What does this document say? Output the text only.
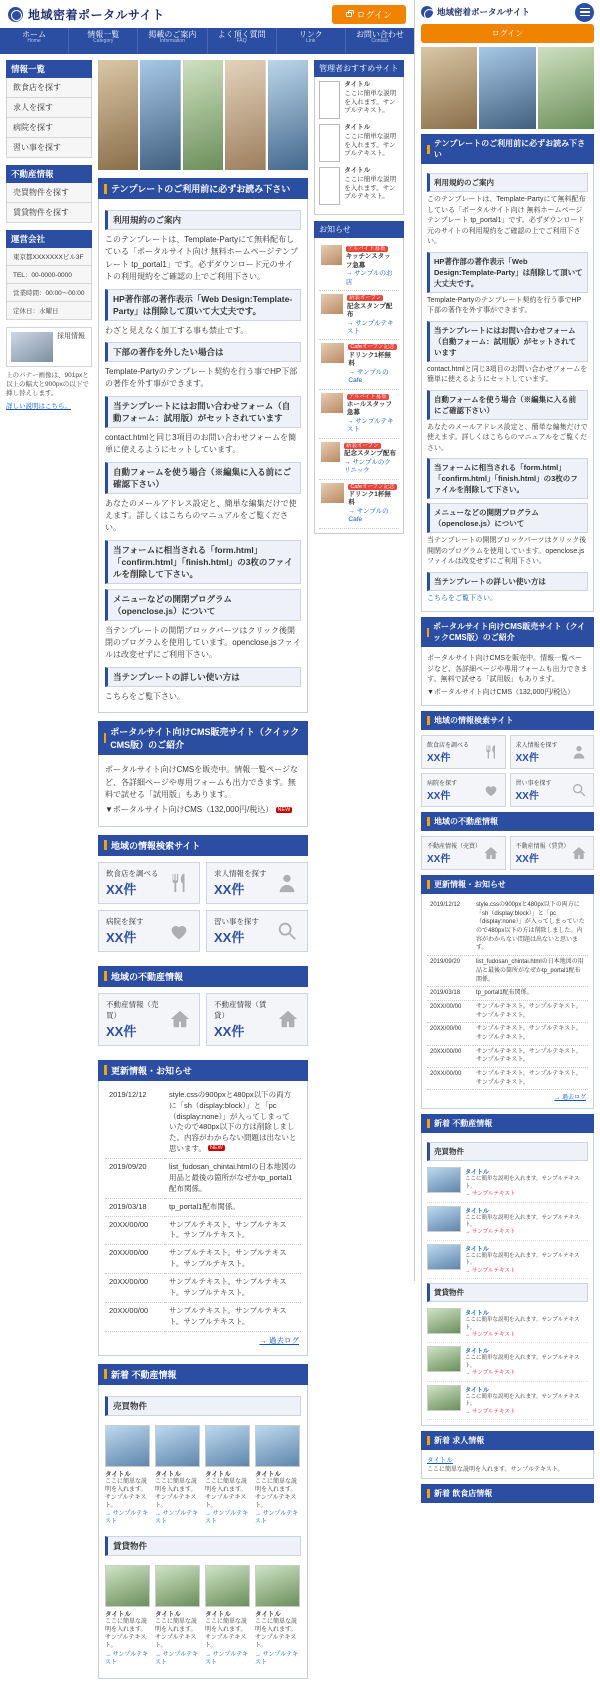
地域密着ポータルサイト	ログイン
ホーム
Home
情報一覧
Category
掲載のご案内
Information
よく頂く質問
FAQ
リンク
Link
お問い合わせ
Contact
情報一覧
飲食店を探す
求人を探す
病院を探す
習い事を探す
不動産情報
売買物件を探す
賃貸物件を探す
運営会社
東京都XXXXXXXビル3F
TEL：00-0000-0000
営業時間：00:00～00:00
定休日：水曜日
採用情報
上のバナー画像は、901pxと以上の幅大と900pxの以下で挿し替えします。
詳しい説明はこちら。
テンプレートのご利用前に必ずお読み下さい
利用規約のご案内

このテンプレートは、Template-Partyにて無料配布している「ポータルサイト向け 無料ホームページテンプレート tp_portal1」です。必ずダウンロード元のサイトの利用規約をご確認の上でご利用下さい。

HP著作部の著作表示「Web Design:Template-Party」は削除して頂いて大丈夫です。

わざと見えなく加工する事も禁止です。

下部の著作を外したい場合は

Template-Partyのテンプレート契約を行う事でHP下部の著作を外す事ができます。

当テンプレートにはお問い合わせフォーム（自動フォーム：試用版）がセットされています

contact.htmlと同じ3項目のお問い合わせフォームを簡単に使えるようにセットしています。

自動フォームを使う場合（※編集に入る前にご確認下さい）

あなたのメールアドレス設定と、簡単な編集だけで使えます。詳しくはこちらのマニュアルをご覧ください。

当フォームに相当される「form.html」「confirm.html」「finish.html」の3枚のファイルを削除して下さい。
メニューなどの開閉プログラム（openclose.js）について

当テンプレートの開閉ブロックパーツはクリック後開閉のプログラムを使用しています。openclose.jsファイルは改変せずにご利用下さい。

当テンプレートの詳しい使い方は

こちらをご覧下さい。

ポータルサイト向けCMS販売サイト（クイックCMS版）のご紹介

ポータルサイト向けCMSを販売中。情報一覧ページなど、各詳細ページや専用フォームも出力できます。無料で試せる「試用版」もあります。

▼ポータルサイト向けCMS（132,000円/税込） NEW

地域の情報検索サイト
飲食店を調べる
XX件
求人情報を探す
XX件
病院を探す
XX件
習い事を探す
XX件
地域の不動産情報
不動産情報（売買）
XX件
不動産情報（賃貸）
XX件
更新情報・お知らせ
2019/12/12	style.cssの900pxと480px以下の両方に「sh（display:block）」と「pc（display:none）」が入ってしまっていたので480px以下の方は削除しました。内容がわからない問題は出ないと思います。 NEW
2019/09/20	list_fudosan_chintai.htmlの日本地図の用品と最後の箇所がなぜかtp_portal1配布関係。
2019/03/18	tp_portal1配布関係。
20XX/00/00	サンプルテキスト。サンプルテキスト。サンプルテキスト。
20XX/00/00	サンプルテキスト。サンプルテキスト。サンプルテキスト。
20XX/00/00	サンプルテキスト。サンプルテキスト。サンプルテキスト。
20XX/00/00	サンプルテキスト。サンプルテキスト。サンプルテキスト。
→ 過去ログ
新着 不動産情報
売買物件
タイトル
ここに簡単な説明を入れます。サンプルテキスト。
→ サンプルテキスト
タイトル
ここに簡単な説明を入れます。サンプルテキスト。
→ サンプルテキスト
タイトル
ここに簡単な説明を入れます。サンプルテキスト。
→ サンプルテキスト
タイトル
ここに簡単な説明を入れます。サンプルテキスト。
→ サンプルテキスト
賃貸物件
タイトル
ここに簡単な説明を入れます。サンプルテキスト。
→ サンプルテキスト
タイトル
ここに簡単な説明を入れます。サンプルテキスト。
→ サンプルテキスト
タイトル
ここに簡単な説明を入れます。サンプルテキスト。
→ サンプルテキスト
タイトル
ここに簡単な説明を入れます。サンプルテキスト。
→ サンプルテキスト
管理者おすすめサイト
タイトル
ここに簡単な説明を入れます。サンプルテキスト。
タイトル
ここに簡単な説明を入れます。サンプルテキスト。
タイトル
ここに簡単な説明を入れます。サンプルテキスト。
お知らせ
アルバイト募集
キッチンスタッフ急募
→ サンプルのお店
新装オープン
記念スタンプ配布
→ サンプルテキスト
Cafeオープン記念
ドリンク1杯無料
→ サンプルのCafe
アルバイト募集
ホールスタッフ急募
→ サンプルテキスト
新装オープン
記念スタンプ配布
→ サンプルのクリニック
Cafeオープン記念
ドリンク1杯無料
→ サンプルのCafe
地域密着ポータルサイト
ログイン
テンプレートのご利用前に必ずお読み下さい
利用規約のご案内

このテンプレートは、Template-Partyにて無料配布している「ポータルサイト向け 無料ホームページテンプレート tp_portal1」です。必ずダウンロード元のサイトの利用規約をご確認の上でご利用下さい。

HP著作部の著作表示「Web Design:Template-Party」は削除して頂いて大丈夫です。

Template-Partyのテンプレート契約を行う事でHP下部の著作を外す事ができます。

当テンプレートにはお問い合わせフォーム（自動フォーム：試用版）がセットされています

contact.htmlと同じ3項目のお問い合わせフォームを簡単に使えるようにセットしています。

自動フォームを使う場合（※編集に入る前にご確認下さい）

あなたのメールアドレス設定と、簡単な編集だけで使えます。詳しくはこちらのマニュアルをご覧ください。

当フォームに相当される「form.html」「confirm.html」「finish.html」の3枚のファイルを削除して下さい。
メニューなどの開閉プログラム（openclose.js）について

当テンプレートの開閉ブロックパーツはクリック後開閉のプログラムを使用しています。openclose.jsファイルは改変せずにご利用下さい。

当テンプレートの詳しい使い方は

こちらをご覧下さい。

ポータルサイト向けCMS販売サイト（クイックCMS版）のご紹介

ポータルサイト向けCMSを販売中。情報一覧ページなど、各詳細ページや専用フォームも出力できます。無料で試せる「試用版」もあります。

▼ポータルサイト向けCMS（132,000円/税込）

地域の情報検索サイト
飲食店を調べる
XX件
求人情報を探す
XX件
病院を探す
XX件
習い事を探す
XX件
地域の不動産情報
不動産情報（売買）
XX件
不動産情報（賃貸）
XX件
更新情報・お知らせ
2019/12/12	style.cssの900pxと480px以下の両方に「sh（display:block）」と「pc（display:none）」が入ってしまっていたので480px以下の方は削除しました。内容がわからない問題は出ないと思います。
2019/09/20	list_fudosan_chintai.htmlの日本地図の用品と最後の箇所がなぜかtp_portal1配布関係。
2019/03/18	tp_portal1配布関係。
20XX/00/00	サンプルテキスト。サンプルテキスト。サンプルテキスト。
20XX/00/00	サンプルテキスト。サンプルテキスト。サンプルテキスト。
20XX/00/00	サンプルテキスト。サンプルテキスト。サンプルテキスト。
20XX/00/00	サンプルテキスト。サンプルテキスト。サンプルテキスト。
→ 過去ログ
新着 不動産情報
売買物件
タイトル
ここに簡単な説明を入れます。サンプルテキスト。
→ サンプルテキスト
タイトル
ここに簡単な説明を入れます。サンプルテキスト。
→ サンプルテキスト
タイトル
ここに簡単な説明を入れます。サンプルテキスト。
→ サンプルテキスト
賃貸物件
タイトル
ここに簡単な説明を入れます。サンプルテキスト。
→ サンプルテキスト
タイトル
ここに簡単な説明を入れます。サンプルテキスト。
→ サンプルテキスト
タイトル
ここに簡単な説明を入れます。サンプルテキスト。
→ サンプルテキスト
新着 求人情報
タイトル
ここに簡単な説明を入れます。サンプルテキスト。
新着 飲食店情報
